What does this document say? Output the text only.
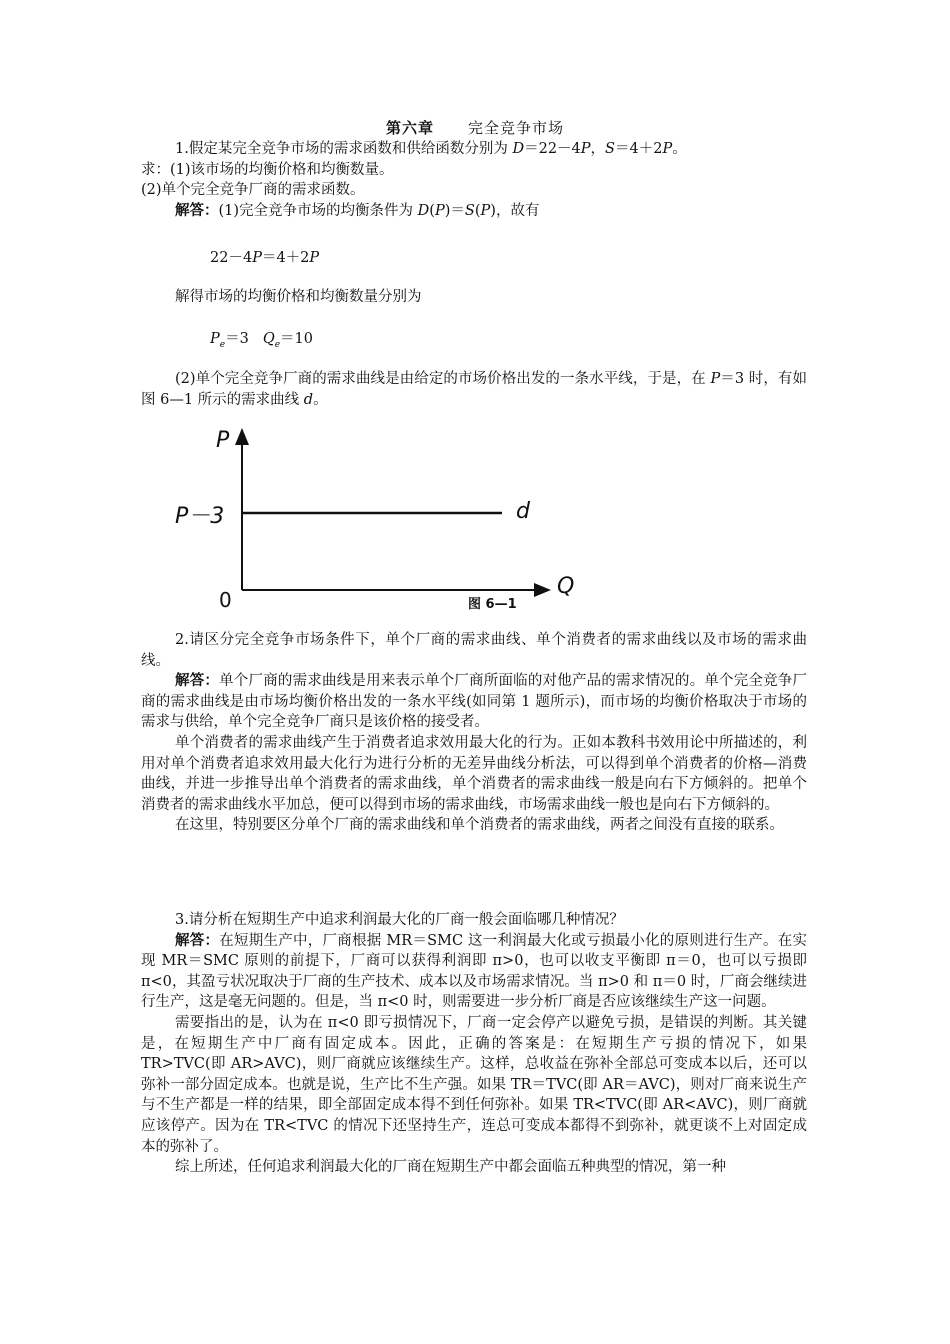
第六章 完全竞争市场

1.假定某完全竞争市场的需求函数和供给函数分别为 D＝22－4P，S＝4＋2P。

求：(1)该市场的均衡价格和均衡数量。

(2)单个完全竞争厂商的需求函数。

解答：(1)完全竞争市场的均衡条件为 D(P)＝S(P)，故有

22－4P＝4＋2P

解得市场的均衡价格和均衡数量分别为

$P_e=3$ $Q_e=10$

(2)单个完全竞争厂商的需求曲线是由给定的市场价格出发的一条水平线，于是，在 P＝3 时，有如图 6—1 所示的需求曲线 d。

P
Q
0
P－3	d
图 6—1

2.请区分完全竞争市场条件下，单个厂商的需求曲线、单个消费者的需求曲线以及市场的需求曲线。

解答：单个厂商的需求曲线是用来表示单个厂商所面临的对他产品的需求情况的。单个完全竞争厂商的需求曲线是由市场均衡价格出发的一条水平线(如同第 1 题所示)，而市场的均衡价格取决于市场的需求与供给，单个完全竞争厂商只是该价格的接受者。

单个消费者的需求曲线产生于消费者追求效用最大化的行为。正如本教科书效用论中所描述的，利用对单个消费者追求效用最大化行为进行分析的无差异曲线分析法，可以得到单个消费者的价格—消费曲线，并进一步推导出单个消费者的需求曲线，单个消费者的需求曲线一般是向右下方倾斜的。把单个消费者的需求曲线水平加总，便可以得到市场的需求曲线，市场需求曲线一般也是向右下方倾斜的。

在这里，特别要区分单个厂商的需求曲线和单个消费者的需求曲线，两者之间没有直接的联系。

3.请分析在短期生产中追求利润最大化的厂商一般会面临哪几种情况？

解答：在短期生产中，厂商根据 MR＝SMC 这一利润最大化或亏损最小化的原则进行生产。在实现 MR＝SMC 原则的前提下，厂商可以获得利润即 π>0，也可以收支平衡即 π＝0，也可以亏损即 π<0，其盈亏状况取决于厂商的生产技术、成本以及市场需求情况。当 π>0 和 π＝0 时，厂商会继续进行生产，这是毫无问题的。但是，当 π<0 时，则需要进一步分析厂商是否应该继续生产这一问题。

需要指出的是，认为在 π<0 即亏损情况下，厂商一定会停产以避免亏损，是错误的判断。其关键是，在短期生产中厂商有固定成本。因此，正确的答案是：在短期生产亏损的情况下，如果 TR>TVC(即 AR>AVC)，则厂商就应该继续生产。这样，总收益在弥补全部总可变成本以后，还可以弥补一部分固定成本。也就是说，生产比不生产强。如果 TR＝TVC(即 AR＝AVC)，则对厂商来说生产与不生产都是一样的结果，即全部固定成本得不到任何弥补。如果 TR<TVC(即 AR<AVC)，则厂商就应该停产。因为在 TR<TVC 的情况下还坚持生产，连总可变成本都得不到弥补，就更谈不上对固定成本的弥补了。

综上所述，任何追求利润最大化的厂商在短期生产中都会面临五种典型的情况，第一种
